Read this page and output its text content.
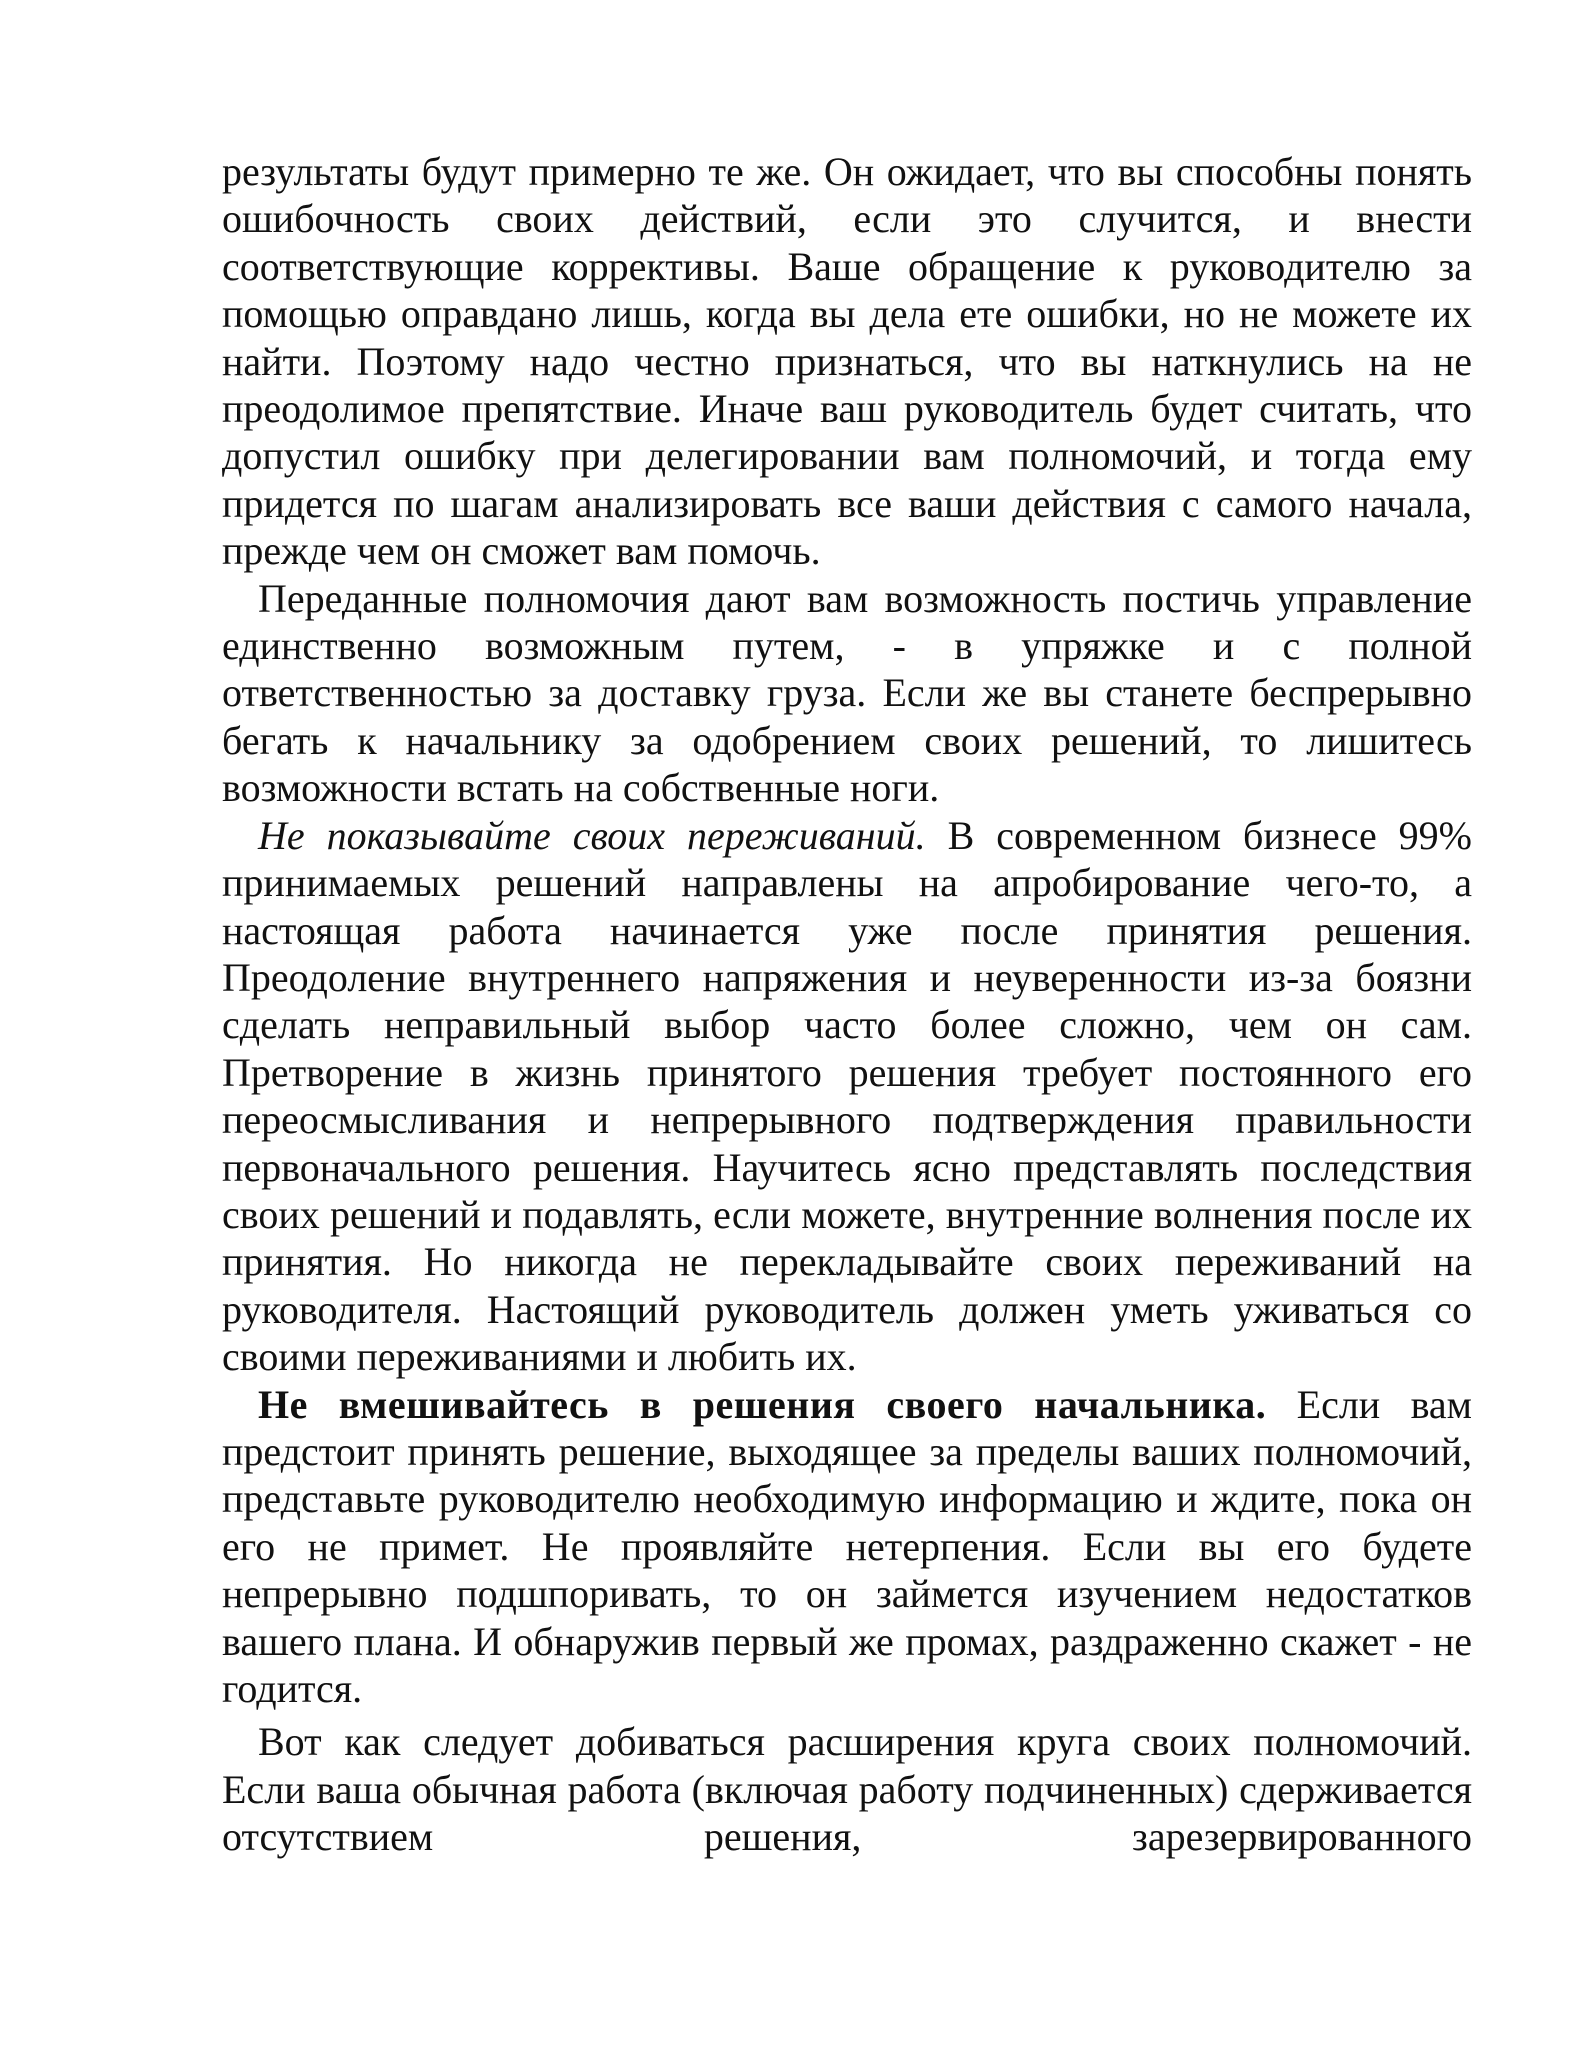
результаты будут примерно те же. Он ожидает, что вы способны понять ошибочность своих действий, если это случится, и внести соответствующие коррективы. Ваше обращение к руководителю за помощью оправдано лишь, когда вы дела ете ошибки, но не можете их найти. Поэтому надо честно признаться, что вы наткнулись на не преодолимое препятствие. Иначе ваш руководитель будет считать, что допустил ошибку при делегировании вам полномочий, и тогда ему придется по шагам анализировать все ваши действия с самого начала, прежде чем он сможет вам помочь.

Переданные полномочия дают вам возможность постичь управление единственно возможным путем, - в упряжке и с полной ответственностью за доставку груза. Если же вы станете беспрерывно бегать к начальнику за одобрением своих решений, то лишитесь возможности встать на собственные ноги.

Не показывайте своих переживаний. В современном бизнесе 99% принимаемых решений направлены на апробирование чего-то, а настоящая работа начинается уже после принятия решения. Преодоление внутреннего напряжения и неуверенности из-за боязни сделать неправильный выбор часто более сложно, чем он сам. Претворение в жизнь принятого решения требует постоянного его переосмысливания и непрерывного подтверждения правильности первоначального решения. Научитесь ясно представлять последствия своих решений и подавлять, если можете, внутренние волнения после их принятия. Но никогда не перекладывайте своих переживаний на руководителя. Настоящий руководитель должен уметь уживаться со своими переживаниями и любить их.

Не вмешивайтесь в решения своего начальника. Если вам предстоит принять решение, выходящее за пределы ваших полномочий, представьте руководителю необходимую информацию и ждите, пока он его не примет. Не проявляйте нетерпения. Если вы его будете непрерывно подшпоривать, то он займется изучением недостатков вашего плана. И обнаружив первый же промах, раздраженно скажет - не годится.

Вот как следует добиваться расширения круга своих полномочий. Если ваша обычная работа (включая работу подчиненных) сдерживается отсутствием решения, зарезервированного
